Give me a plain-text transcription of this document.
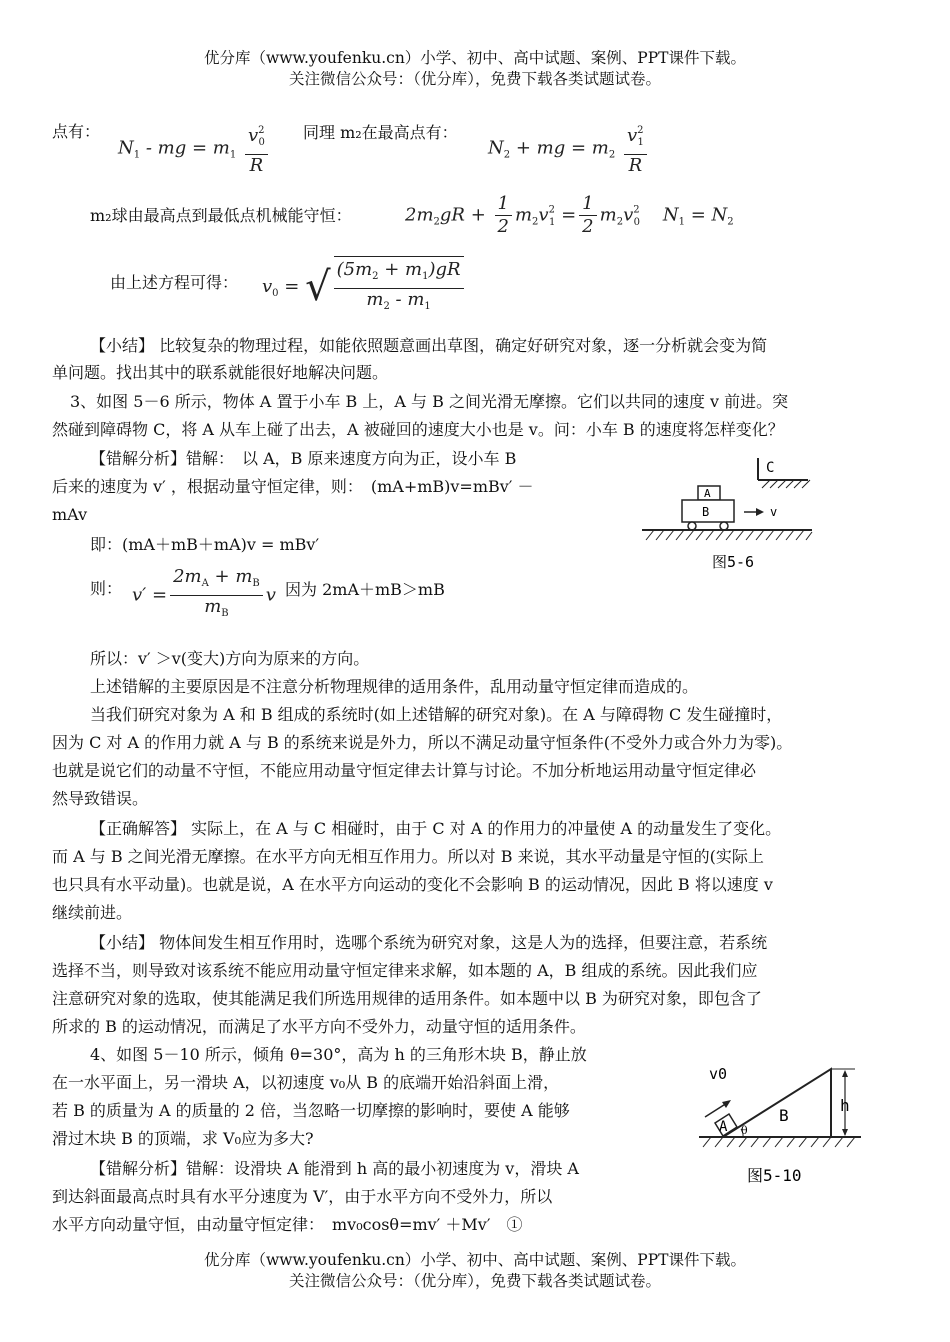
优分库（www.youfenku.cn）小学、初中、高中试题、案例、PPT课件下载。
关注微信公众号：（优分库），免费下载各类试题试卷。
点有：
$N_1$ - mg = $m_1 \frac{v^2_0}{R}$ 同理 m₂在最高点有：
$N_2$ + mg = $m_2 \frac{v^2_1}{R}$
m₂球由最高点到最低点机械能守恒：	$2m_2gR + \frac{1}{2} m_2v^2_1 = \frac{1}{2} m_2v^2_0$    $N_1 = N_2$
由上述方程可得： $v_0$ = √ $\frac{(5m_2 + m_1)gR}{m_2 - m_1}$
【小结】 比较复杂的物理过程，如能依照题意画出草图，确定好研究对象，逐一分析就会变为简
单问题。找出其中的联系就能很好地解决问题。
3、如图 5－6 所示，物体 A 置于小车 B 上，A 与 B 之间光滑无摩擦。它们以共同的速度 v 前进。突
然碰到障碍物 C，将 A 从车上碰了出去，A 被碰回的速度大小也是 v。问：小车 B 的速度将怎样变化？
【错解分析】错解：　以 A，B 原来速度方向为正，设小车 B
后来的速度为 v′ ，根据动量守恒定律，则：　(mA+mB)v=mBv′ －
mAv
即：(mA＋mB＋mA)v = mBv′
则： $v' = \frac{2m_A + m_B}{m_B}$ v 因为 2mA＋mB＞mB
所以：v′ ＞v(变大)方向为原来的方向。
上述错解的主要原因是不注意分析物理规律的适用条件，乱用动量守恒定律而造成的。
当我们研究对象为 A 和 B 组成的系统时(如上述错解的研究对象)。在 A 与障碍物 C 发生碰撞时，
因为 C 对 A 的作用力就 A 与 B 的系统来说是外力，所以不满足动量守恒条件(不受外力或合外力为零)。
也就是说它们的动量不守恒，不能应用动量守恒定律去计算与讨论。不加分析地运用动量守恒定律必
然导致错误。
【正确解答】 实际上，在 A 与 C 相碰时，由于 C 对 A 的作用力的冲量使 A 的动量发生了变化。
而 A 与 B 之间光滑无摩擦。在水平方向无相互作用力。所以对 B 来说，其水平动量是守恒的(实际上
也只具有水平动量)。也就是说，A 在水平方向运动的变化不会影响 B 的运动情况，因此 B 将以速度 v
继续前进。
【小结】 物体间发生相互作用时，选哪个系统为研究对象，这是人为的选择，但要注意，若系统
选择不当，则导致对该系统不能应用动量守恒定律来求解，如本题的 A，B 组成的系统。因此我们应
注意研究对象的选取，使其能满足我们所选用规律的适用条件。如本题中以 B 为研究对象，即包含了
所求的 B 的运动情况，而满足了水平方向不受外力，动量守恒的适用条件。
C
A
B	v
图5-6
4、如图 5－10 所示，倾角 θ=30°，高为 h 的三角形木块 B，静止放
在一水平面上，另一滑块 A，以初速度 v₀从 B 的底端开始沿斜面上滑，
若 B 的质量为 A 的质量的 2 倍，当忽略一切摩擦的影响时，要使 A 能够
滑过木块 B 的顶端，求 V₀应为多大?
【错解分析】错解：设滑块 A 能滑到 h 高的最小初速度为 v，滑块 A
到达斜面最高点时具有水平分速度为 V′，由于水平方向不受外力，所以
水平方向动量守恒，由动量守恒定律：　mv₀cosθ=mv′ ＋Mv′　①
A θ
v0
B
h
图5-10
优分库（www.youfenku.cn）小学、初中、高中试题、案例、PPT课件下载。
关注微信公众号：（优分库），免费下载各类试题试卷。
